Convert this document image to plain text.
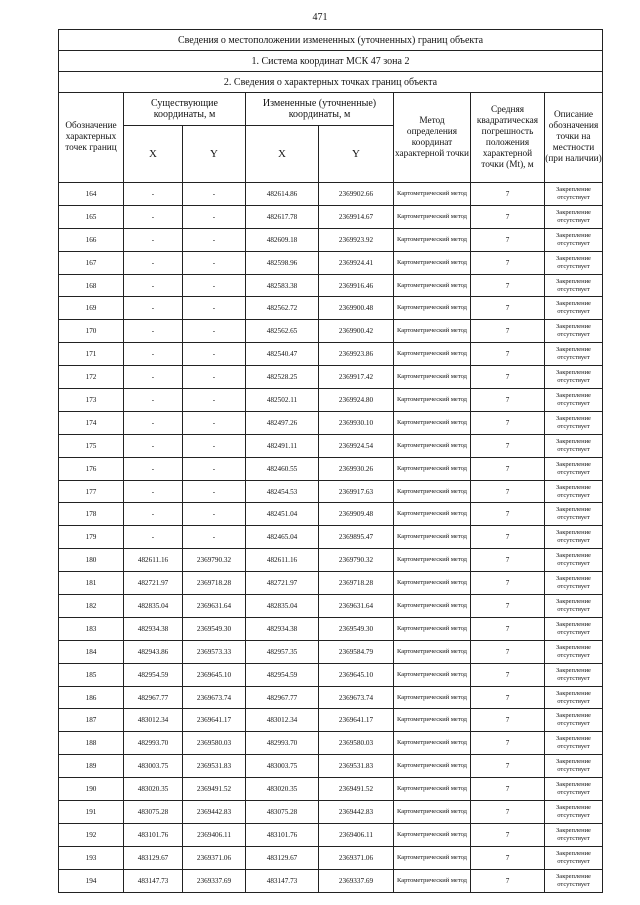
471
Сведения о местоположении измененных (уточненных) границ объекта							
1. Система координат МСК 47 зона 2							
2. Сведения о характерных точках границ объекта							
Обозначение характерных точек границ	Существующие координаты, м		Измененные (уточненные) координаты, м		Метод определения координат характерной точки	Средняя квадратическая погрешность положения характерной точки (Mt), м	Описание обозначения точки на местности (при наличии)
	X	Y	X	Y			
164	-	-	482614.86	2369902.66	Картометрический метод	7	Закрепление отсутствует
165	-	-	482617.78	2369914.67	Картометрический метод	7	Закрепление отсутствует
166	-	-	482609.18	2369923.92	Картометрический метод	7	Закрепление отсутствует
167	-	-	482598.96	2369924.41	Картометрический метод	7	Закрепление отсутствует
168	-	-	482583.38	2369916.46	Картометрический метод	7	Закрепление отсутствует
169	-	-	482562.72	2369900.48	Картометрический метод	7	Закрепление отсутствует
170	-	-	482562.65	2369900.42	Картометрический метод	7	Закрепление отсутствует
171	-	-	482540.47	2369923.86	Картометрический метод	7	Закрепление отсутствует
172	-	-	482528.25	2369917.42	Картометрический метод	7	Закрепление отсутствует
173	-	-	482502.11	2369924.80	Картометрический метод	7	Закрепление отсутствует
174	-	-	482497.26	2369930.10	Картометрический метод	7	Закрепление отсутствует
175	-	-	482491.11	2369924.54	Картометрический метод	7	Закрепление отсутствует
176	-	-	482460.55	2369930.26	Картометрический метод	7	Закрепление отсутствует
177	-	-	482454.53	2369917.63	Картометрический метод	7	Закрепление отсутствует
178	-	-	482451.04	2369909.48	Картометрический метод	7	Закрепление отсутствует
179	-	-	482465.04	2369895.47	Картометрический метод	7	Закрепление отсутствует
180	482611.16	2369790.32	482611.16	2369790.32	Картометрический метод	7	Закрепление отсутствует
181	482721.97	2369718.28	482721.97	2369718.28	Картометрический метод	7	Закрепление отсутствует
182	482835.04	2369631.64	482835.04	2369631.64	Картометрический метод	7	Закрепление отсутствует
183	482934.38	2369549.30	482934.38	2369549.30	Картометрический метод	7	Закрепление отсутствует
184	482943.86	2369573.33	482957.35	2369584.79	Картометрический метод	7	Закрепление отсутствует
185	482954.59	2369645.10	482954.59	2369645.10	Картометрический метод	7	Закрепление отсутствует
186	482967.77	2369673.74	482967.77	2369673.74	Картометрический метод	7	Закрепление отсутствует
187	483012.34	2369641.17	483012.34	2369641.17	Картометрический метод	7	Закрепление отсутствует
188	482993.70	2369580.03	482993.70	2369580.03	Картометрический метод	7	Закрепление отсутствует
189	483003.75	2369531.83	483003.75	2369531.83	Картометрический метод	7	Закрепление отсутствует
190	483020.35	2369491.52	483020.35	2369491.52	Картометрический метод	7	Закрепление отсутствует
191	483075.28	2369442.83	483075.28	2369442.83	Картометрический метод	7	Закрепление отсутствует
192	483101.76	2369406.11	483101.76	2369406.11	Картометрический метод	7	Закрепление отсутствует
193	483129.67	2369371.06	483129.67	2369371.06	Картометрический метод	7	Закрепление отсутствует
194	483147.73	2369337.69	483147.73	2369337.69	Картометрический метод	7	Закрепление отсутствует
